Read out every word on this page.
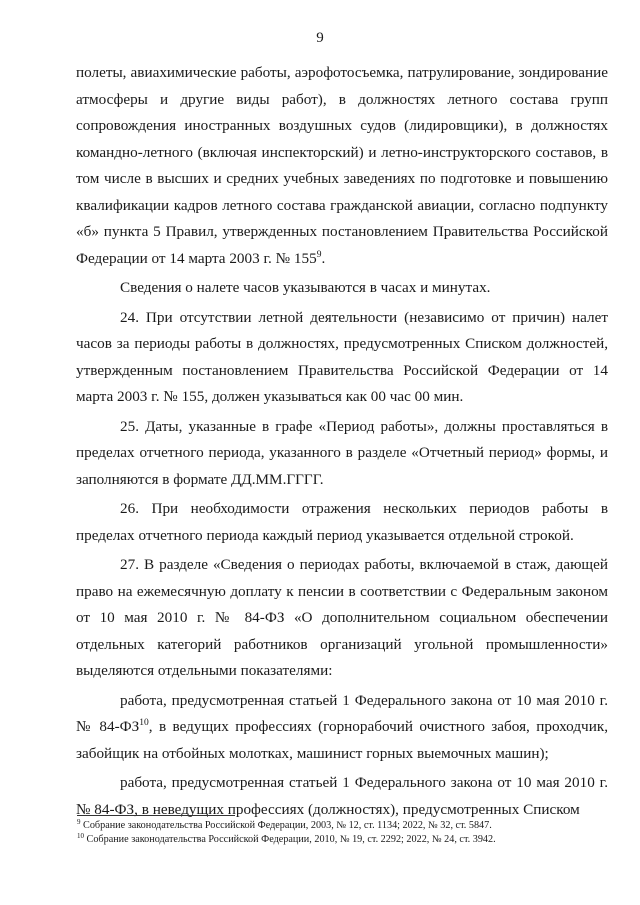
9

полеты, авиахимические работы, аэрофотосъемка, патрулирование, зондирование атмосферы и другие виды работ), в должностях летного состава групп сопровождения иностранных воздушных судов (лидировщики), в должностях командно-летного (включая инспекторский) и летно-инструкторского составов, в том числе в высших и средних учебных заведениях по подготовке и повышению квалификации кадров летного состава гражданской авиации, согласно подпункту «б» пункта 5 Правил, утвержденных постановлением Правительства Российской Федерации от 14 марта 2003 г. № $155^9$.

Сведения о налете часов указываются в часах и минутах.

24. При отсутствии летной деятельности (независимо от причин) налет часов за периоды работы в должностях, предусмотренных Списком должностей, утвержденным постановлением Правительства Российской Федерации от 14 марта 2003 г. № 155, должен указываться как 00 час 00 мин.

25. Даты, указанные в графе «Период работы», должны проставляться в пределах отчетного периода, указанного в разделе «Отчетный период» формы, и заполняются в формате ДД.ММ.ГГГГ.

26. При необходимости отражения нескольких периодов работы в пределах отчетного периода каждый период указывается отдельной строкой.

27. В разделе «Сведения о периодах работы, включаемой в стаж, дающей право на ежемесячную доплату к пенсии в соответствии с Федеральным законом от 10 мая 2010 г. № 84-ФЗ «О дополнительном социальном обеспечении отдельных категорий работников организаций угольной промышленности» выделяются отдельными показателями:

работа, предусмотренная статьей 1 Федерального закона от 10 мая 2010 г. № 84-ФЗ$^{10}$, в ведущих профессиях (горнорабочий очистного забоя, проходчик, забойщик на отбойных молотках, машинист горных выемочных машин);

работа, предусмотренная статьей 1 Федерального закона от 10 мая 2010 г. № 84-ФЗ, в неведущих профессиях (должностях), предусмотренных Списком

$^9$ Собрание законодательства Российской Федерации, 2003, № 12, ст. 1134; 2022, № 32, ст. 5847.

$^{10}$ Собрание законодательства Российской Федерации, 2010, № 19, ст. 2292; 2022, № 24, ст. 3942.
